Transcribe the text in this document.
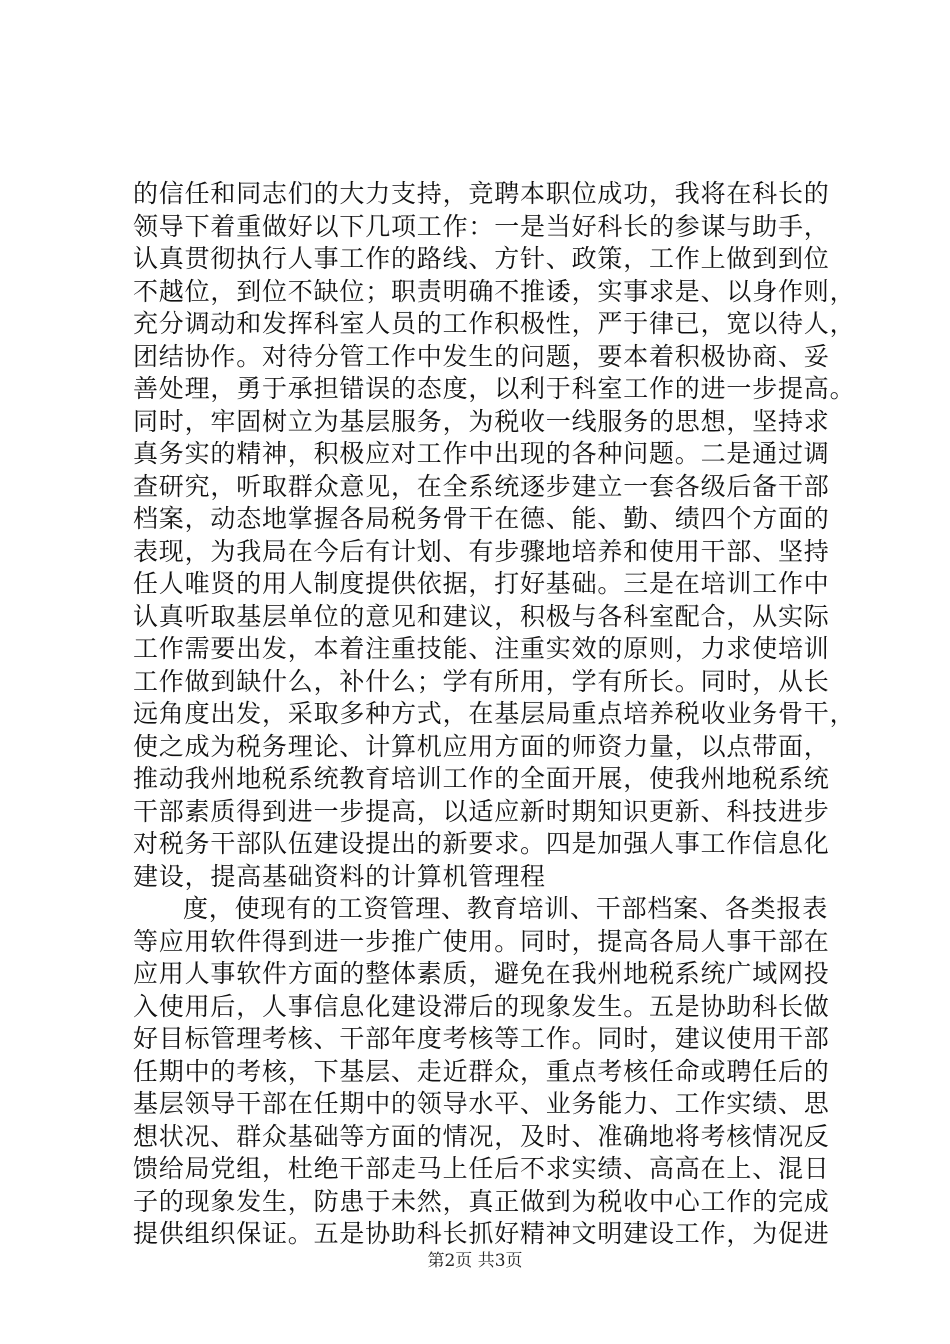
的信任和同志们的大力支持，竞聘本职位成功，我将在科长的
领导下着重做好以下几项工作：一是当好科长的参谋与助手，
认真贯彻执行人事工作的路线、方针、政策，工作上做到到位
不越位，到位不缺位；职责明确不推诿，实事求是、以身作则，
充分调动和发挥科室人员的工作积极性，严于律已，宽以待人，
团结协作。对待分管工作中发生的问题，要本着积极协商、妥
善处理，勇于承担错误的态度，以利于科室工作的进一步提高。
同时，牢固树立为基层服务，为税收一线服务的思想，坚持求
真务实的精神，积极应对工作中出现的各种问题。二是通过调
查研究，听取群众意见，在全系统逐步建立一套各级后备干部
档案，动态地掌握各局税务骨干在德、能、勤、绩四个方面的
表现，为我局在今后有计划、有步骤地培养和使用干部、坚持
任人唯贤的用人制度提供依据，打好基础。三是在培训工作中
认真听取基层单位的意见和建议，积极与各科室配合，从实际
工作需要出发，本着注重技能、注重实效的原则，力求使培训
工作做到缺什么，补什么；学有所用，学有所长。同时，从长
远角度出发，采取多种方式，在基层局重点培养税收业务骨干，
使之成为税务理论、计算机应用方面的师资力量，以点带面，
推动我州地税系统教育培训工作的全面开展，使我州地税系统
干部素质得到进一步提高，以适应新时期知识更新、科技进步
对税务干部队伍建设提出的新要求。四是加强人事工作信息化
建设，提高基础资料的计算机管理程
度，使现有的工资管理、教育培训、干部档案、各类报表
等应用软件得到进一步推广使用。同时，提高各局人事干部在
应用人事软件方面的整体素质，避免在我州地税系统广域网投
入使用后，人事信息化建设滞后的现象发生。五是协助科长做
好目标管理考核、干部年度考核等工作。同时，建议使用干部
任期中的考核，下基层、走近群众，重点考核任命或聘任后的
基层领导干部在任期中的领导水平、业务能力、工作实绩、思
想状况、群众基础等方面的情况，及时、准确地将考核情况反
馈给局党组，杜绝干部走马上任后不求实绩、高高在上、混日
子的现象发生，防患于未然，真正做到为税收中心工作的完成
提供组织保证。五是协助科长抓好精神文明建设工作，为促进
第2页 共3页
